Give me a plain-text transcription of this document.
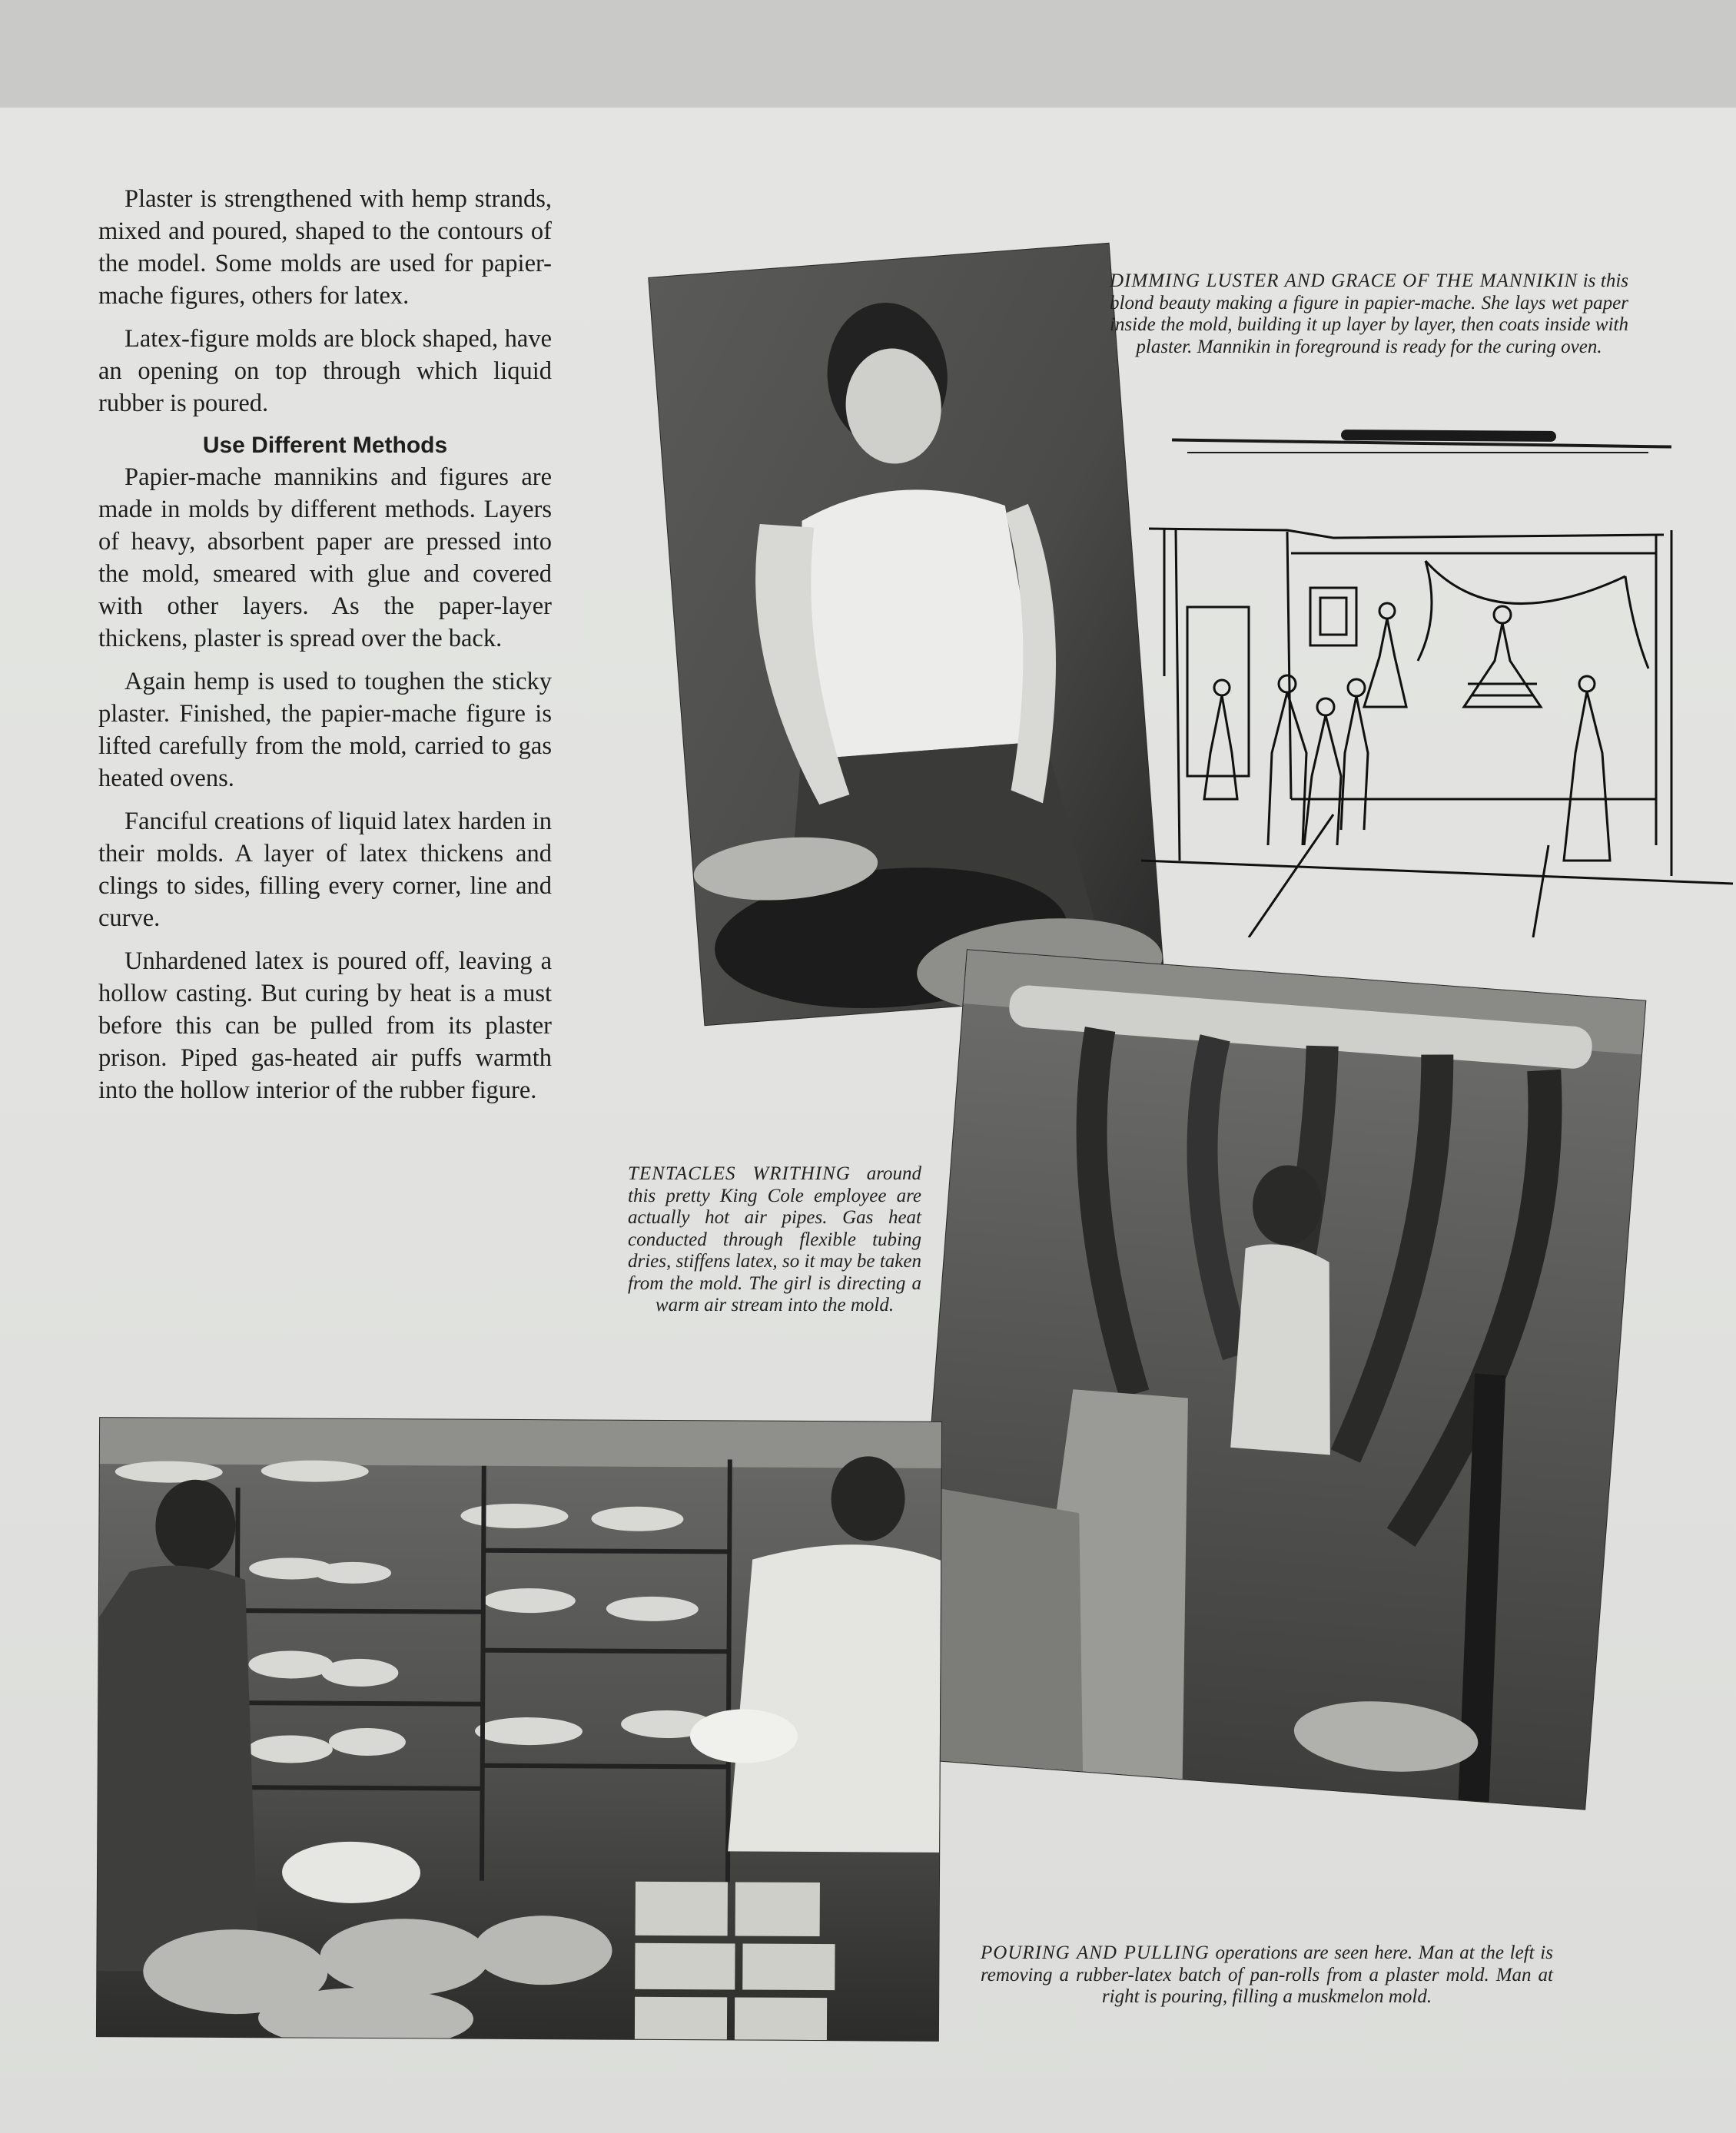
Plaster is strengthened with hemp strands, mixed and poured, shaped to the contours of the model. Some molds are used for papier-mache figures, others for latex.

Latex-figure molds are block shaped, have an opening on top through which liquid rubber is poured.

Use Different Methods

Papier-mache mannikins and figures are made in molds by different methods. Layers of heavy, absorbent paper are pressed into the mold, smeared with glue and covered with other layers. As the paper-layer thickens, plaster is spread over the back.

Again hemp is used to toughen the sticky plaster. Finished, the papier-mache figure is lifted carefully from the mold, carried to gas heated ovens.

Fanciful creations of liquid latex harden in their molds. A layer of latex thickens and clings to sides, filling every corner, line and curve.

Unhardened latex is poured off, leaving a hollow casting. But curing by heat is a must before this can be pulled from its plaster prison. Piped gas-heated air puffs warmth into the hollow interior of the rubber figure.

DIMMING LUSTER AND GRACE OF THE MANNIKIN is this blond beauty making a figure in papier-mache. She lays wet paper inside the mold, building it up layer by layer, then coats inside with plaster. Mannikin in foreground is ready for the curing oven.
TENTACLES WRITHING around this pretty King Cole employee are actually hot air pipes. Gas heat conducted through flexible tubing dries, stiffens latex, so it may be taken from the mold. The girl is directing a warm air stream into the mold.
POURING AND PULLING operations are seen here. Man at the left is removing a rubber-latex batch of pan-rolls from a plaster mold. Man at right is pouring, filling a muskmelon mold.
